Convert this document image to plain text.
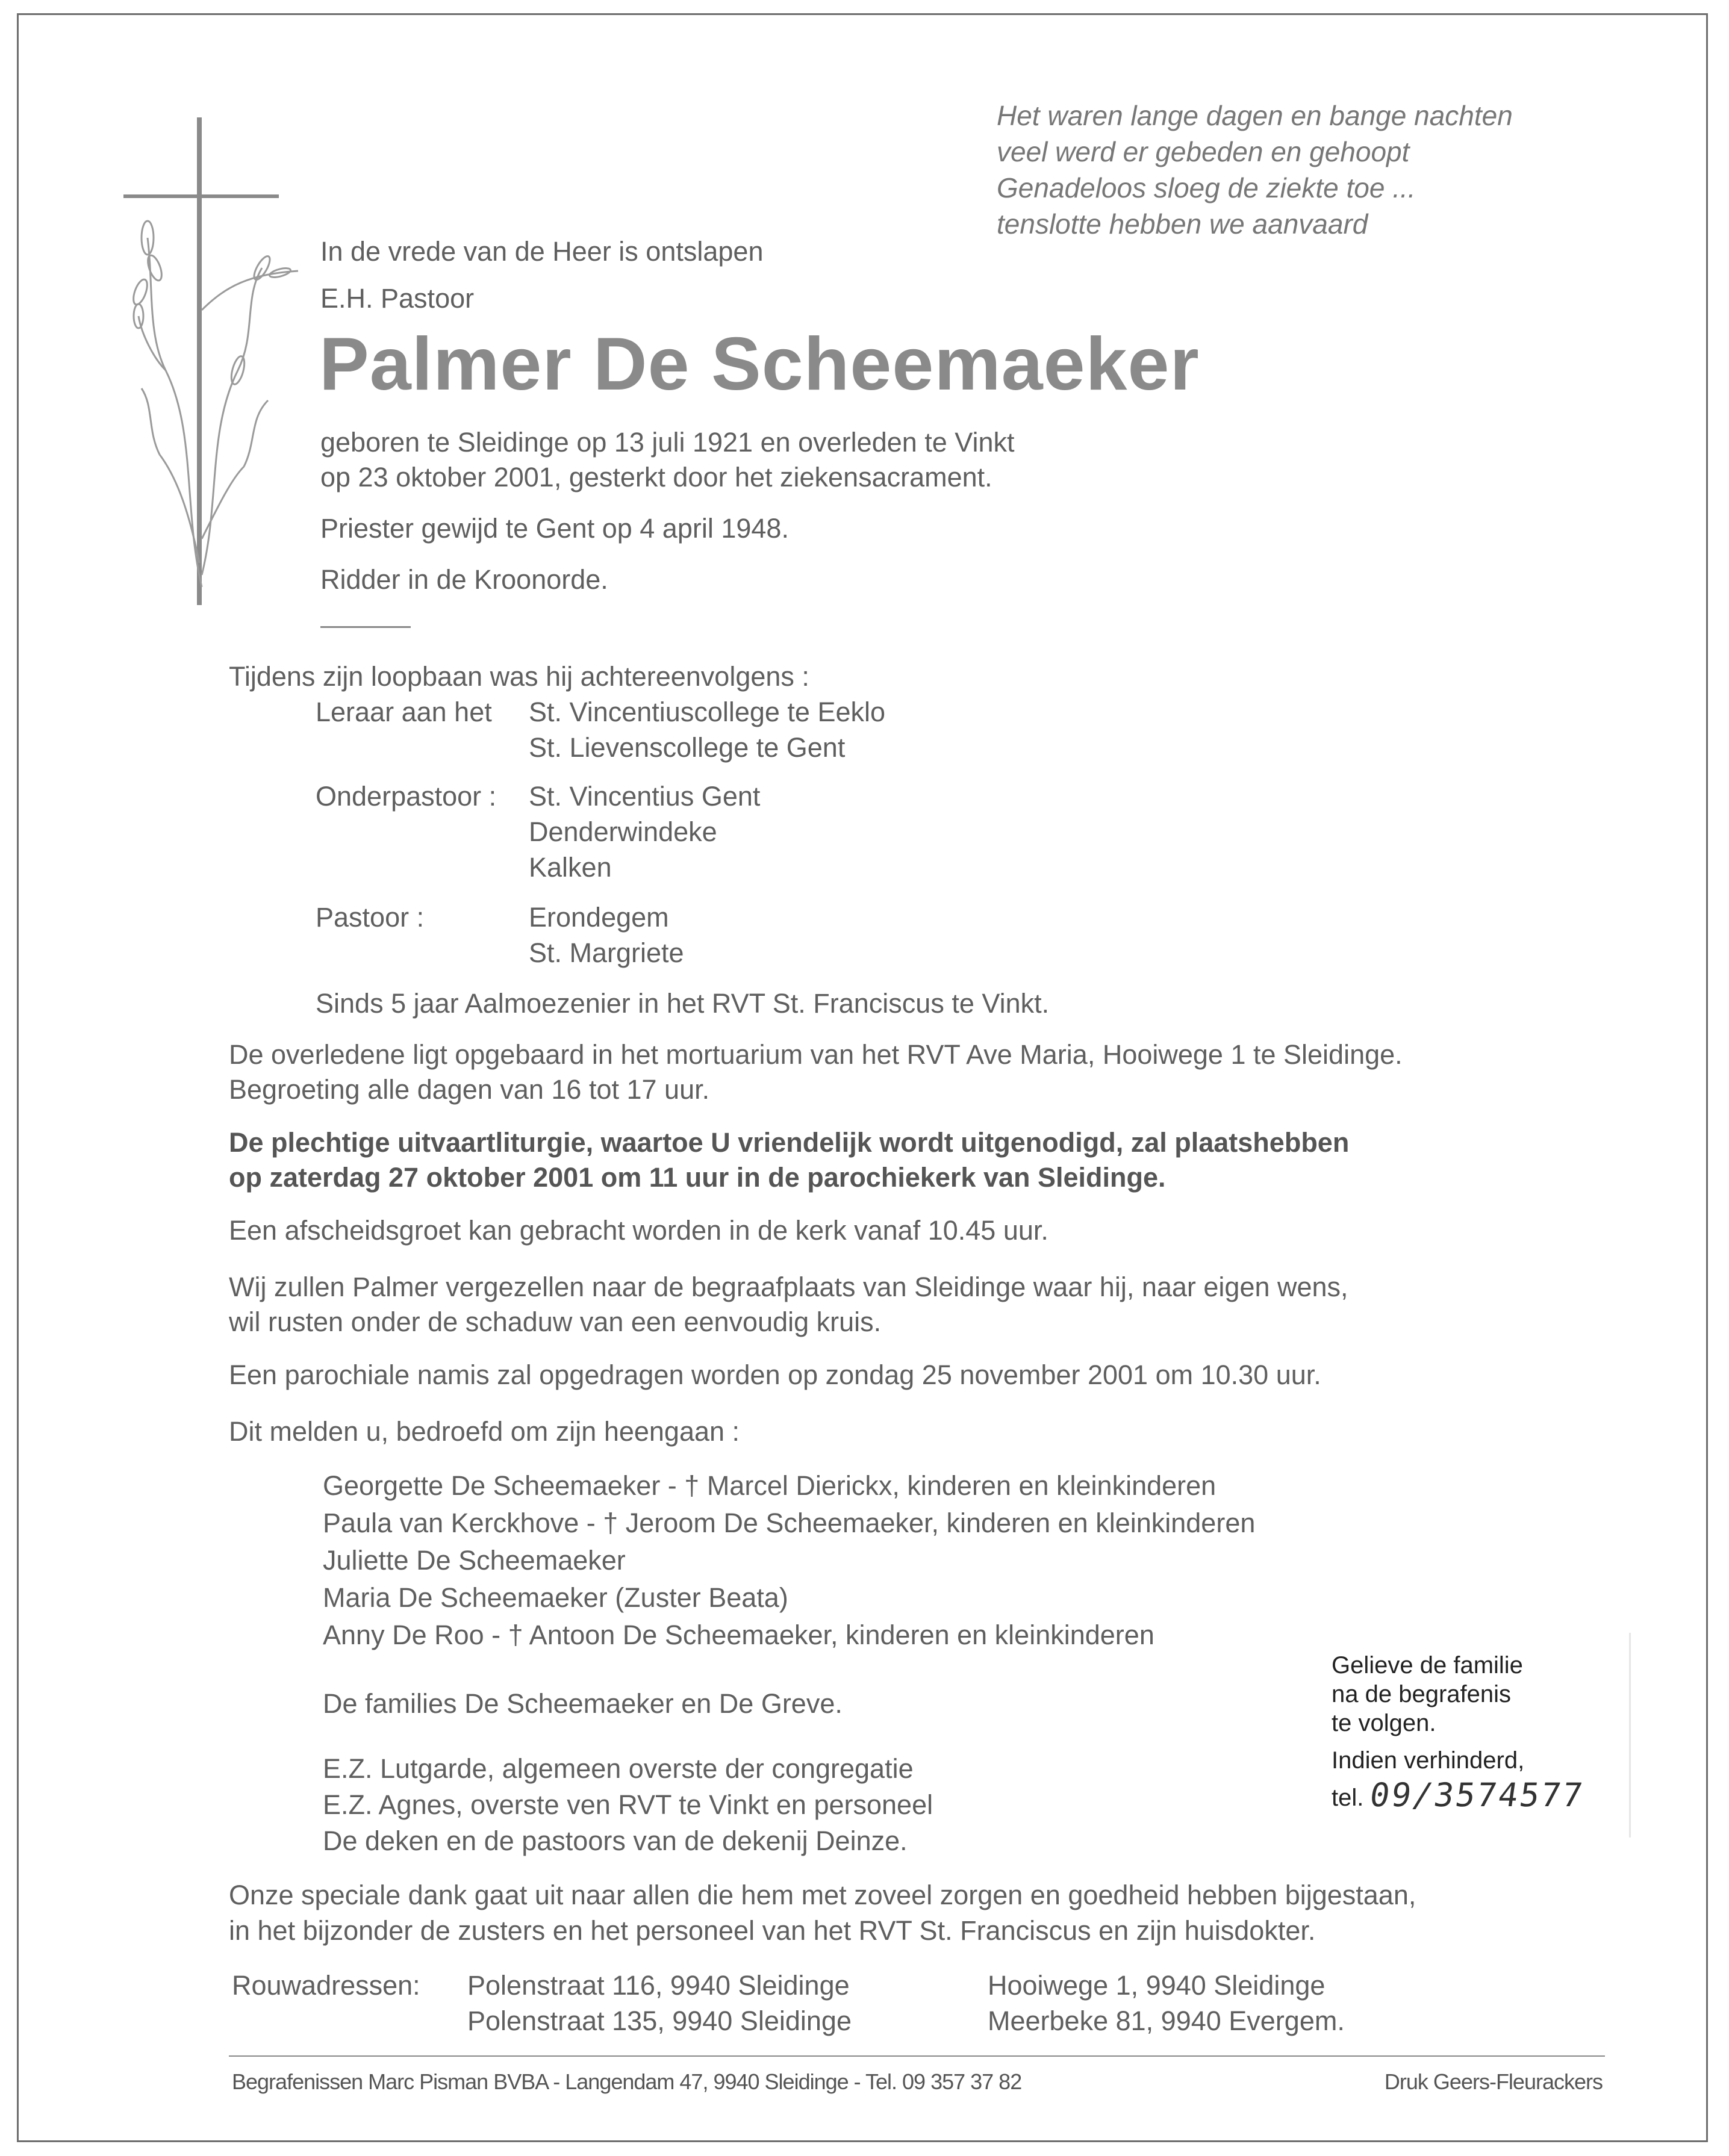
Het waren lange dagen en bange nachten
veel werd er gebeden en gehoopt
Genadeloos sloeg de ziekte toe ...
tenslotte hebben we aanvaard
In de vrede van de Heer is ontslapen
E.H. Pastoor
Palmer De Scheemaeker
geboren te Sleidinge op 13 juli 1921 en overleden te Vinkt
op 23 oktober 2001, gesterkt door het ziekensacrament.
Priester gewijd te Gent op 4 april 1948.
Ridder in de Kroonorde.
Tijdens zijn loopbaan was hij achtereenvolgens :
Leraar aan het St. Vincentiuscollege te Eeklo
St. Lievenscollege te Gent
Onderpastoor : St. Vincentius Gent
Denderwindeke
Kalken
Pastoor :	Erondegem
St. Margriete
Sinds 5 jaar Aalmoezenier in het RVT St. Franciscus te Vinkt.
De overledene ligt opgebaard in het mortuarium van het RVT Ave Maria, Hooiwege 1 te Sleidinge.
Begroeting alle dagen van 16 tot 17 uur.
De plechtige uitvaartliturgie, waartoe U vriendelijk wordt uitgenodigd, zal plaatshebben
op zaterdag 27 oktober 2001 om 11 uur in de parochiekerk van Sleidinge.
Een afscheidsgroet kan gebracht worden in de kerk vanaf 10.45 uur.
Wij zullen Palmer vergezellen naar de begraafplaats van Sleidinge waar hij, naar eigen wens,
wil rusten onder de schaduw van een eenvoudig kruis.
Een parochiale namis zal opgedragen worden op zondag 25 november 2001 om 10.30 uur.
Dit melden u, bedroefd om zijn heengaan :
Georgette De Scheemaeker - † Marcel Dierickx, kinderen en kleinkinderen
Paula van Kerckhove - † Jeroom De Scheemaeker, kinderen en kleinkinderen
Juliette De Scheemaeker
Maria De Scheemaeker (Zuster Beata)
Anny De Roo - † Antoon De Scheemaeker, kinderen en kleinkinderen
De families De Scheemaeker en De Greve.
E.Z. Lutgarde, algemeen overste der congregatie
E.Z. Agnes, overste ven RVT te Vinkt en personeel
De deken en de pastoors van de dekenij Deinze.
Gelieve de familie
na de begrafenis
te volgen.
Indien verhinderd,
tel. 09/3574577
Onze speciale dank gaat uit naar allen die hem met zoveel zorgen en goedheid hebben bijgestaan,
in het bijzonder de zusters en het personeel van het RVT St. Franciscus en zijn huisdokter.
Rouwadressen: Polenstraat 116, 9940 Sleidinge
Polenstraat 135, 9940 Sleidinge
Hooiwege 1, 9940 Sleidinge
Meerbeke 81, 9940 Evergem.
Begrafenissen Marc Pisman BVBA - Langendam 47, 9940 Sleidinge - Tel. 09 357 37 82	Druk Geers-Fleurackers
